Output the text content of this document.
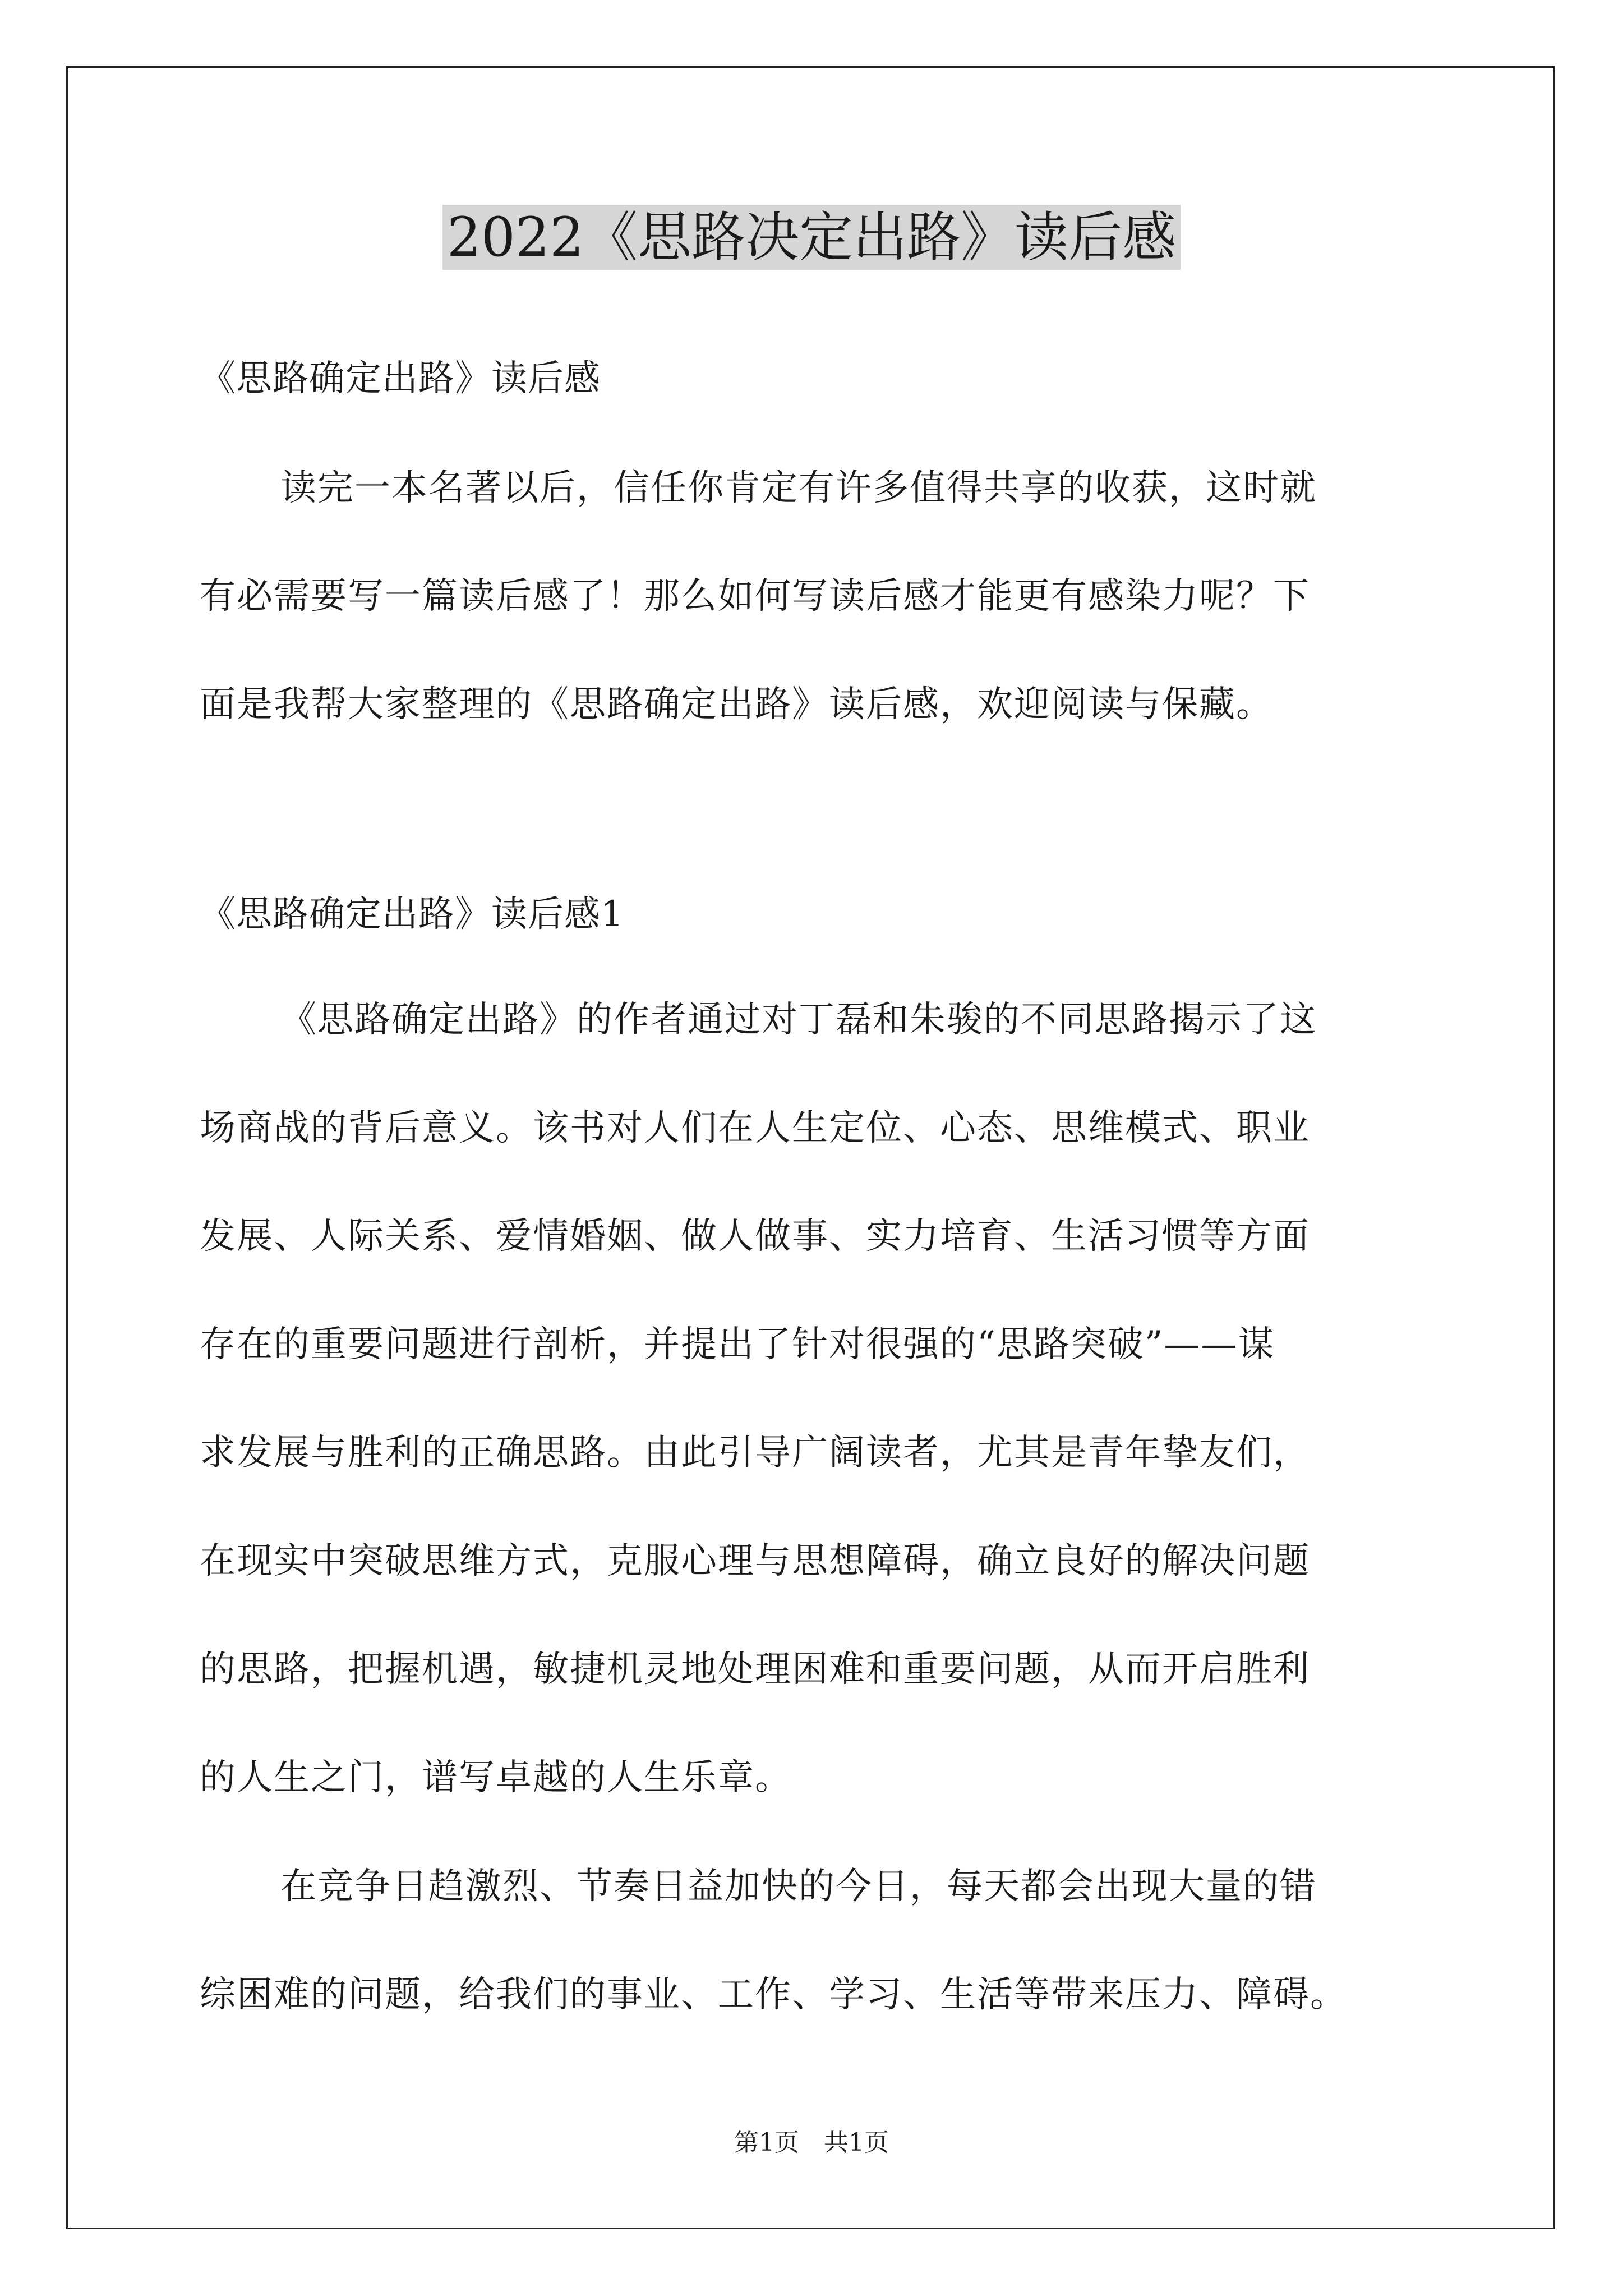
2022《思路决定出路》读后感
《思路确定出路》读后感
读完一本名著以后，信任你肯定有许多值得共享的收获，这时就
有必需要写一篇读后感了！那么如何写读后感才能更有感染力呢？下
面是我帮大家整理的《思路确定出路》读后感，欢迎阅读与保藏。
《思路确定出路》读后感1
《思路确定出路》的作者通过对丁磊和朱骏的不同思路揭示了这
场商战的背后意义。该书对人们在人生定位、心态、思维模式、职业
发展、人际关系、爱情婚姻、做人做事、实力培育、生活习惯等方面
存在的重要问题进行剖析，并提出了针对很强的“思路突破”——谋
求发展与胜利的正确思路。由此引导广阔读者，尤其是青年挚友们，
在现实中突破思维方式，克服心理与思想障碍，确立良好的解决问题
的思路，把握机遇，敏捷机灵地处理困难和重要问题，从而开启胜利
的人生之门，谱写卓越的人生乐章。
在竞争日趋激烈、节奏日益加快的今日，每天都会出现大量的错
综困难的问题，给我们的事业、工作、学习、生活等带来压力、障碍。
第1页　共1页
